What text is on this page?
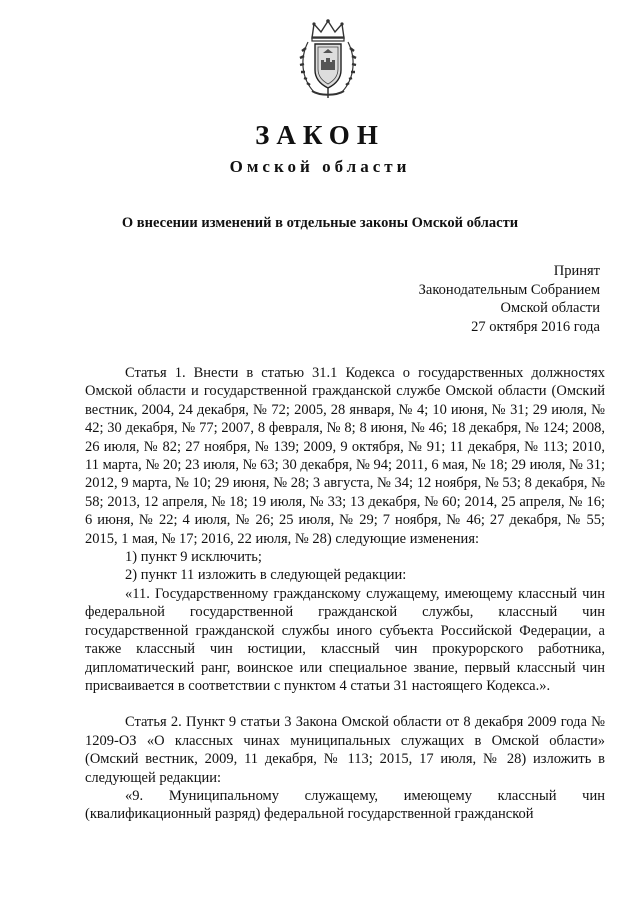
ЗАКОН
Омской области
О внесении изменений в отдельные законы Омской области
Принят
Законодательным Собранием
Омской области
27 октября 2016 года

Статья 1. Внести в статью 31.1 Кодекса о государственных должностях Омской области и государственной гражданской службе Омской области (Омский вестник, 2004, 24 декабря, № 72; 2005, 28 января, № 4; 10 июня, № 31; 29 июля, № 42; 30 декабря, № 77; 2007, 8 февраля, № 8; 8 июня, № 46; 18 декабря, № 124; 2008, 26 июля, № 82; 27 ноября, № 139; 2009, 9 октября, № 91; 11 декабря, № 113; 2010, 11 марта, № 20; 23 июля, № 63; 30 декабря, № 94; 2011, 6 мая, № 18; 29 июля, № 31; 2012, 9 марта, № 10; 29 июня, № 28; 3 августа, № 34; 12 ноября, № 53; 8 декабря, № 58; 2013, 12 апреля, № 18; 19 июля, № 33; 13 декабря, № 60; 2014, 25 апреля, № 16; 6 июня, № 22; 4 июля, № 26; 25 июля, № 29; 7 ноября, № 46; 27 декабря, № 55; 2015, 1 мая, № 17; 2016, 22 июля, № 28) следующие изменения:

1) пункт 9 исключить;

2) пункт 11 изложить в следующей редакции:

«11. Государственному гражданскому служащему, имеющему классный чин федеральной государственной гражданской службы, классный чин государственной гражданской службы иного субъекта Российской Федерации, а также классный чин юстиции, классный чин прокурорского работника, дипломатический ранг, воинское или специальное звание, первый классный чин присваивается в соответствии с пунктом 4 статьи 31 настоящего Кодекса.».

Статья 2. Пункт 9 статьи 3 Закона Омской области от 8 декабря 2009 года № 1209-ОЗ «О классных чинах муниципальных служащих в Омской области» (Омский вестник, 2009, 11 декабря, № 113; 2015, 17 июля, № 28) изложить в следующей редакции:

«9. Муниципальному служащему, имеющему классный чин (квалификационный разряд) федеральной государственной гражданской
